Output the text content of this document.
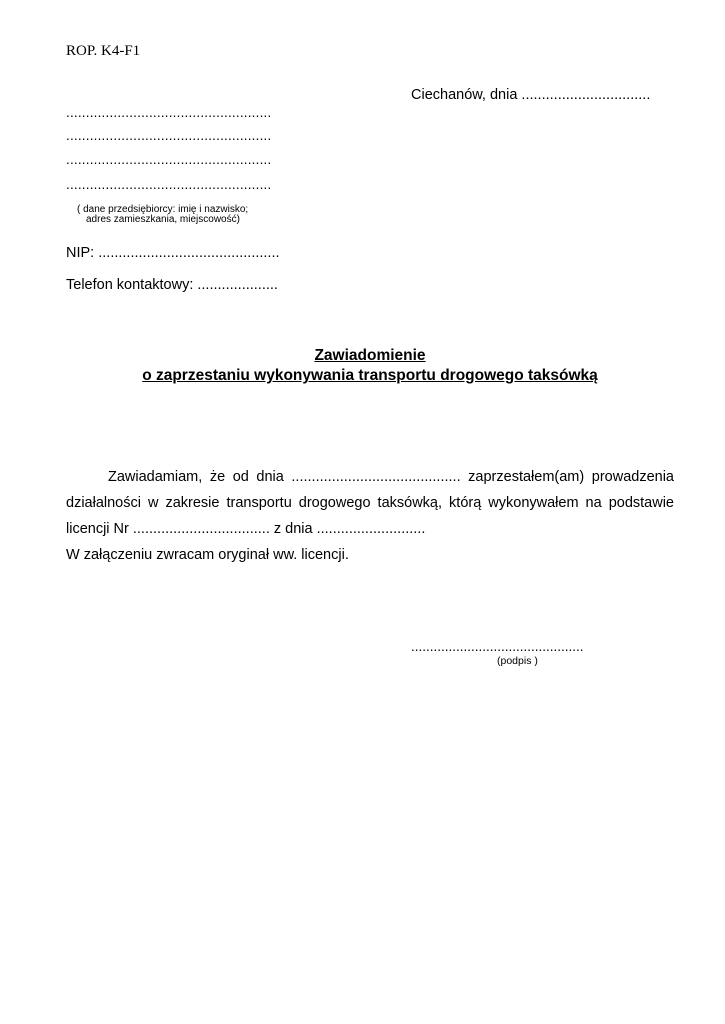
ROP. K4-F1
Ciechanów, dnia ................................
....................................................
....................................................
....................................................
....................................................
( dane przedsiębiorcy: imię i nazwisko;
adres zamieszkania, miejscowość)
NIP: .............................................
Telefon kontaktowy: ....................
Zawiadomienie
o zaprzestaniu wykonywania transportu drogowego taksówką
Zawiadamiam, że od dnia .......................................... zaprzestałem(am) prowadzenia
działalności w zakresie transportu drogowego taksówką, którą wykonywałem na podstawie
licencji Nr .................................. z dnia ...........................
W załączeniu zwracam oryginał ww. licencji.
..............................................
(podpis )
